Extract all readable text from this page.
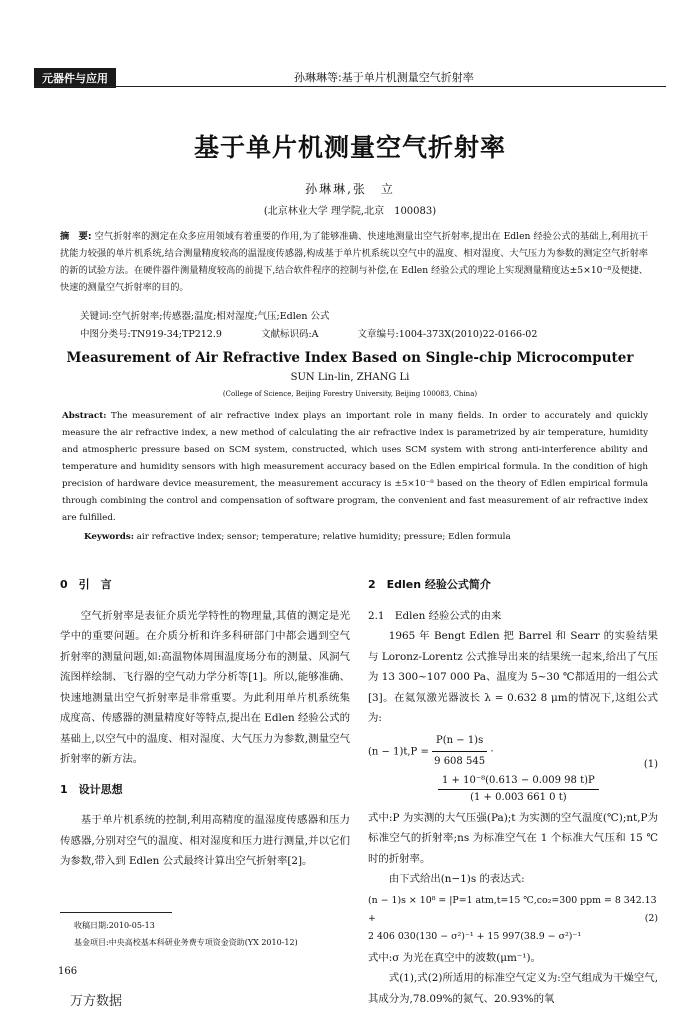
元器件与应用	孙琳琳等:基于单片机测量空气折射率
基于单片机测量空气折射率
孙琳琳,张　立
(北京林业大学 理学院,北京　100083)
摘　要: 空气折射率的测定在众多应用领域有着重要的作用,为了能够准确、快速地测量出空气折射率,提出在 Edlen 经验公式的基础上,利用抗干扰能力较强的单片机系统,结合测量精度较高的温湿度传感器,构成基于单片机系统以空气中的温度、相对湿度、大气压力为参数的测定空气折射率的新的试验方法。在硬件器件测量精度较高的前提下,结合软件程序的控制与补偿,在 Edlen 经验公式的理论上实现测量精度达±5×10⁻⁸及便捷、快速的测量空气折射率的目的。
关键词:空气折射率;传感器;温度;相对湿度;气压;Edlen 公式
中图分类号:TN919-34;TP212.9	文献标识码:A	文章编号:1004-373X(2010)22-0166-02
Measurement of Air Refractive Index Based on Single-chip Microcomputer
SUN Lin-lin, ZHANG Li
(College of Science, Beijing Forestry University, Beijing 100083, China)
Abstract: The measurement of air refractive index plays an important role in many fields. In order to accurately and quickly measure the air refractive index, a new method of calculating the air refractive index is parametrized by air temperature, humidity and atmospheric pressure based on SCM system, constructed, which uses SCM system with strong anti-interference ability and temperature and humidity sensors with high measurement accuracy based on the Edlen empirical formula. In the condition of high precision of hardware device measurement, the measurement accuracy is ±5×10⁻⁸ based on the theory of Edlen empirical formula through combining the control and compensation of software program, the convenient and fast measurement of air refractive index are fulfilled.
Keywords: air refractive index; sensor; temperature; relative humidity; pressure; Edlen formula
0　引　言

空气折射率是表征介质光学特性的物理量,其值的测定是光学中的重要问题。在介质分析和许多科研部门中都会遇到空气折射率的测量问题,如:高温物体周围温度场分布的测量、风洞气流图样绘制、飞行器的空气动力学分析等[1]。所以,能够准确、快速地测量出空气折射率是非常重要。为此利用单片机系统集成度高、传感器的测量精度好等特点,提出在 Edlen 经验公式的基础上,以空气中的温度、相对湿度、大气压力为参数,测量空气折射率的新方法。

1　设计思想

基于单片机系统的控制,利用高精度的温湿度传感器和压力传感器,分别对空气的温度、相对湿度和压力进行测量,并以它们为参数,带入到 Edlen 公式最终计算出空气折射率[2]。

2　Edlen 经验公式简介
2.1　Edlen 经验公式的由来

1965 年 Bengt Edlen 把 Barrel 和 Searr 的实验结果与 Loronz-Lorentz 公式推导出来的结果统一起来,给出了气压为 13 300~107 000 Pa、温度为 5~30 ℃都适用的一组公式[3]。在氦氖激光器波长 λ = 0.632 8 μm的情况下,这组公式为:

$(n - 1)t,P = \frac{P(n - 1)s}{9 608 545}$ ·
$\frac{\text{1 + 10⁻⁸(0.613 − 0.009 98 t)P}}{(1 + 0.003 661 0 t)}$
(1)

式中:P 为实测的大气压强(Pa);t 为实测的空气温度(℃);nt,P为标准空气的折射率;ns 为标准空气在 1 个标准大气压和 15 ℃时的折射率。

由下式给出(n−1)s 的表达式:

(n − 1)s × 10⁸ = |P=1 atm,t=15 ℃,co₂=300 ppm = 8 342.13 +
2 406 030(130 − σ²)⁻¹ + 15 997(38.9 − σ²)⁻¹
(2)

式中:σ 为光在真空中的波数(μm⁻¹)。

式(1),式(2)所适用的标准空气定义为:空气组成为干燥空气,其成分为,78.09%的氮气、20.93%的氧

收稿日期:2010-05-13
基金项目:中央高校基本科研业务费专项资金资助(YX 2010-12)
166
万方数据
